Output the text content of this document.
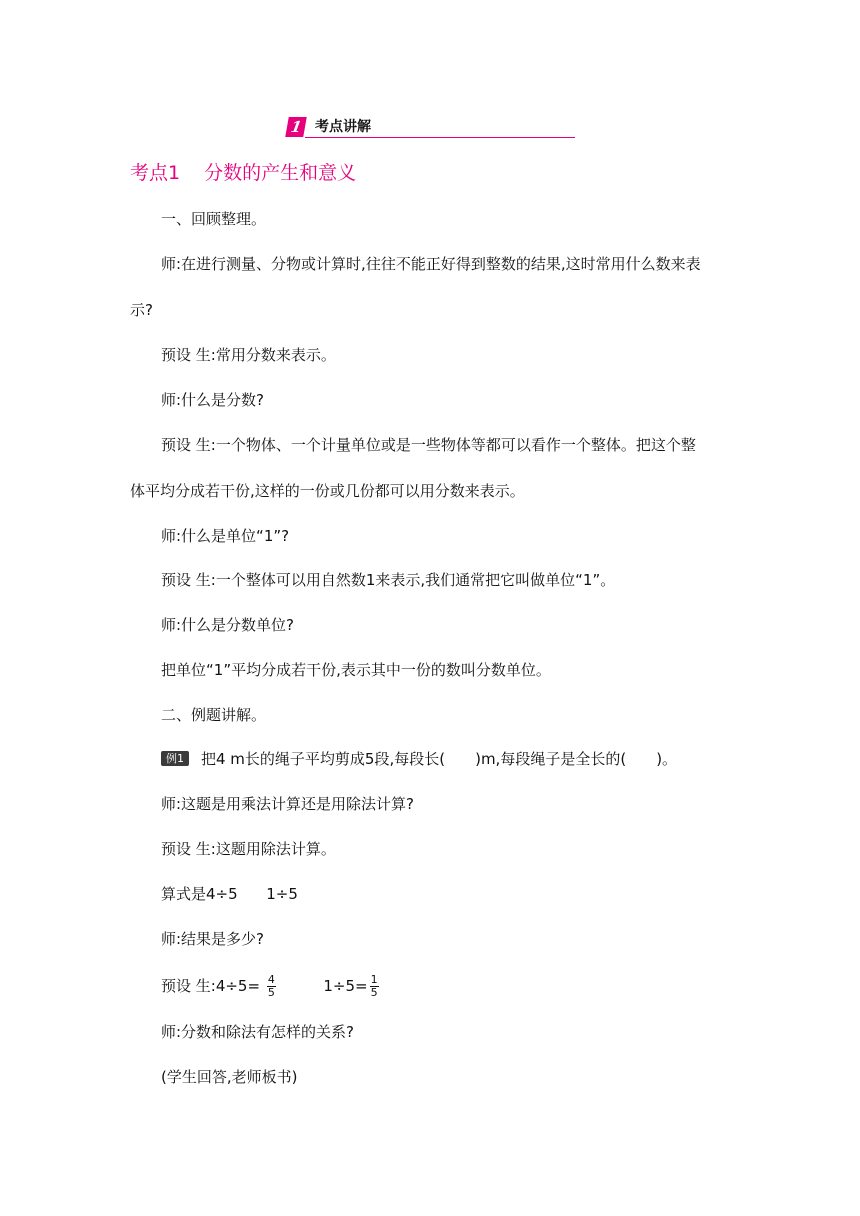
1 考点讲解
考点1 分数的产生和意义
一、回顾整理。
师:在进行测量、分物或计算时,往往不能正好得到整数的结果,这时常用什么数来表
示?
预设 生:常用分数来表示。
师:什么是分数?
预设 生:一个物体、一个计量单位或是一些物体等都可以看作一个整体。把这个整
体平均分成若干份,这样的一份或几份都可以用分数来表示。
师:什么是单位“1”?
预设 生:一个整体可以用自然数1来表示,我们通常把它叫做单位“1”。
师:什么是分数单位?
把单位“1”平均分成若干份,表示其中一份的数叫分数单位。
二、例题讲解。
例1 把4 m长的绳子平均剪成5段,每段长( )m,每段绳子是全长的( )。
师:这题是用乘法计算还是用除法计算?
预设 生:这题用除法计算。
算式是4÷5      1÷5
师:结果是多少?
预设 生:4÷5= $\frac{4}{5}$	$1\div 5= \frac{1}{5}$
师:分数和除法有怎样的关系?
(学生回答,老师板书)
